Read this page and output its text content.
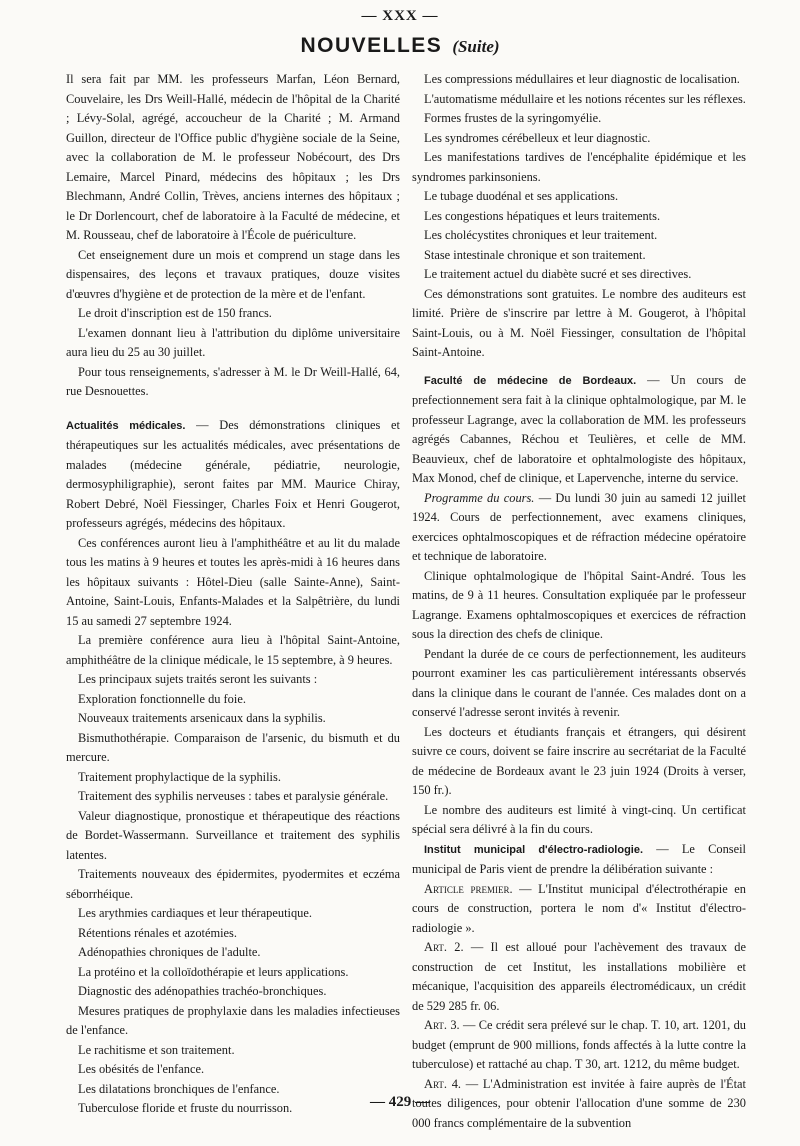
— XXX —
NOUVELLES (Suite)

Il sera fait par MM. les professeurs Marfan, Léon Bernard, Couvelaire, les Drs Weill-Hallé, médecin de l'hôpital de la Charité ; Lévy-Solal, agrégé, accoucheur de la Charité ; M. Armand Guillon, directeur de l'Office public d'hygiène sociale de la Seine, avec la collaboration de M. le professeur Nobécourt, des Drs Lemaire, Marcel Pinard, médecins des hôpitaux ; les Drs Blechmann, André Collin, Trèves, anciens internes des hôpitaux ; le Dr Dorlencourt, chef de laboratoire à la Faculté de médecine, et M. Rousseau, chef de laboratoire à l'École de puériculture.

Cet enseignement dure un mois et comprend un stage dans les dispensaires, des leçons et travaux pratiques, douze visites d'œuvres d'hygiène et de protection de la mère et de l'enfant.

Le droit d'inscription est de 150 francs.

L'examen donnant lieu à l'attribution du diplôme universitaire aura lieu du 25 au 30 juillet.

Pour tous renseignements, s'adresser à M. le Dr Weill-Hallé, 64, rue Desnouettes.

Actualités médicales. — Des démonstrations cliniques et thérapeutiques sur les actualités médicales, avec présentations de malades (médecine générale, pédiatrie, neurologie, dermosyphiligraphie), seront faites par MM. Maurice Chiray, Robert Debré, Noël Fiessinger, Charles Foix et Henri Gougerot, professeurs agrégés, médecins des hôpitaux.

Ces conférences auront lieu à l'amphithéâtre et au lit du malade tous les matins à 9 heures et toutes les après-midi à 16 heures dans les hôpitaux suivants : Hôtel-Dieu (salle Sainte-Anne), Saint-Antoine, Saint-Louis, Enfants-Malades et la Salpêtrière, du lundi 15 au samedi 27 septembre 1924.

La première conférence aura lieu à l'hôpital Saint-Antoine, amphithéâtre de la clinique médicale, le 15 septembre, à 9 heures.

Les principaux sujets traités seront les suivants :

Exploration fonctionnelle du foie.

Nouveaux traitements arsenicaux dans la syphilis.

Bismuthothérapie. Comparaison de l'arsenic, du bismuth et du mercure.

Traitement prophylactique de la syphilis.

Traitement des syphilis nerveuses : tabes et paralysie générale.

Valeur diagnostique, pronostique et thérapeutique des réactions de Bordet-Wassermann. Surveillance et traitement des syphilis latentes.

Traitements nouveaux des épidermites, pyodermites et eczéma séborrhéique.

Les arythmies cardiaques et leur thérapeutique.

Rétentions rénales et azotémies.

Adénopathies chroniques de l'adulte.

La protéino et la colloïdothérapie et leurs applications.

Diagnostic des adénopathies trachéo-bronchiques.

Mesures pratiques de prophylaxie dans les maladies infectieuses de l'enfance.

Le rachitisme et son traitement.

Les obésités de l'enfance.

Les dilatations bronchiques de l'enfance.

Tuberculose floride et fruste du nourrisson.

Les compressions médullaires et leur diagnostic de localisation.

L'automatisme médullaire et les notions récentes sur les réflexes.

Formes frustes de la syringomyélie.

Les syndromes cérébelleux et leur diagnostic.

Les manifestations tardives de l'encéphalite épidémique et les syndromes parkinsoniens.

Le tubage duodénal et ses applications.

Les congestions hépatiques et leurs traitements.

Les cholécystites chroniques et leur traitement.

Stase intestinale chronique et son traitement.

Le traitement actuel du diabète sucré et ses directives.

Ces démonstrations sont gratuites. Le nombre des auditeurs est limité. Prière de s'inscrire par lettre à M. Gougerot, à l'hôpital Saint-Louis, ou à M. Noël Fiessinger, consultation de l'hôpital Saint-Antoine.

Faculté de médecine de Bordeaux. — Un cours de prefectionnement sera fait à la clinique ophtalmologique, par M. le professeur Lagrange, avec la collaboration de MM. les professeurs agrégés Cabannes, Réchou et Teulières, et celle de MM. Beauvieux, chef de laboratoire et ophtalmologiste des hôpitaux, Max Monod, chef de clinique, et Lapervenche, interne du service.

Programme du cours. — Du lundi 30 juin au samedi 12 juillet 1924. Cours de perfectionnement, avec examens cliniques, exercices ophtalmoscopiques et de réfraction médecine opératoire et technique de laboratoire.

Clinique ophtalmologique de l'hôpital Saint-André. Tous les matins, de 9 à 11 heures. Consultation expliquée par le professeur Lagrange. Examens ophtalmoscopiques et exercices de réfraction sous la direction des chefs de clinique.

Pendant la durée de ce cours de perfectionnement, les auditeurs pourront examiner les cas particulièrement intéressants observés dans la clinique dans le courant de l'année. Ces malades dont on a conservé l'adresse seront invités à revenir.

Les docteurs et étudiants français et étrangers, qui désirent suivre ce cours, doivent se faire inscrire au secrétariat de la Faculté de médecine de Bordeaux avant le 23 juin 1924 (Droits à verser, 150 fr.).

Le nombre des auditeurs est limité à vingt-cinq. Un certificat spécial sera délivré à la fin du cours.

Institut municipal d'électro-radiologie. — Le Conseil municipal de Paris vient de prendre la délibération suivante :

Article premier. — L'Institut municipal d'électrothérapie en cours de construction, portera le nom d'« Institut d'électro-radiologie ».

Art. 2. — Il est alloué pour l'achèvement des travaux de construction de cet Institut, les installations mobilière et mécanique, l'acquisition des appareils électromédicaux, un crédit de 529 285 fr. 06.

Art. 3. — Ce crédit sera prélevé sur le chap. T. 10, art. 1201, du budget (emprunt de 900 millions, fonds affectés à la lutte contre la tuberculose) et rattaché au chap. T 30, art. 1212, du même budget.

Art. 4. — L'Administration est invitée à faire auprès de l'État toutes diligences, pour obtenir l'allocation d'une somme de 230 000 francs complémentaire de la subvention

— 429 —
